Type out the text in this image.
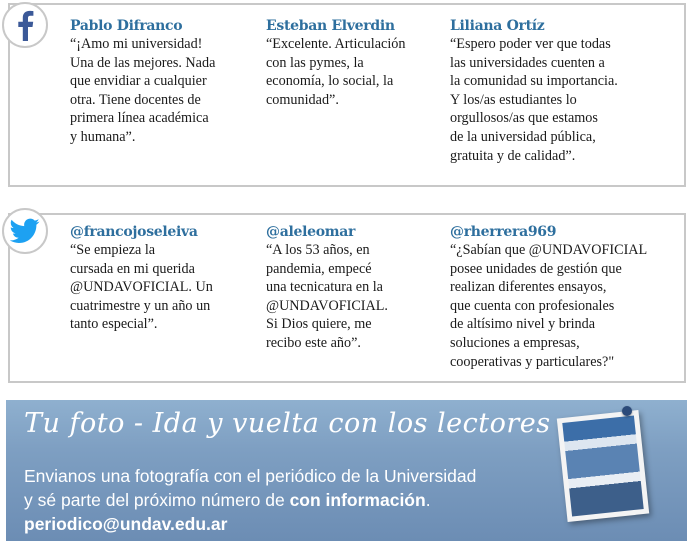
Pablo Difranco
“¡Amo mi universidad!
Una de las mejores. Nada
que envidiar a cualquier
otra. Tiene docentes de
primera línea académica
y humana”.
Esteban Elverdin
“Excelente. Articulación
con las pymes, la
economía, lo social, la
comunidad”.
Liliana Ortíz
“Espero poder ver que todas
las universidades cuenten a
la comunidad su importancia.
Y los/as estudiantes lo
orgullosos/as que estamos
de la universidad pública,
gratuita y de calidad”.
@francojoseleiva
“Se empieza la
cursada en mi querida
@UNDAVOFICIAL. Un
cuatrimestre y un año un
tanto especial”.
@aleleomar
“A los 53 años, en
pandemia, empecé
una tecnicatura en la
@UNDAVOFICIAL.
Si Dios quiere, me
recibo este año”.
@rherrera969
“¿Sabían que @UNDAVOFICIAL
posee unidades de gestión que
realizan diferentes ensayos,
que cuenta con profesionales
de altísimo nivel y brinda
soluciones a empresas,
cooperativas y particulares?"
Tu foto - Ida y vuelta con los lectores
Envianos una fotografía con el periódico de la Universidad
y sé parte del próximo número de con información.
periodico@undav.edu.ar
